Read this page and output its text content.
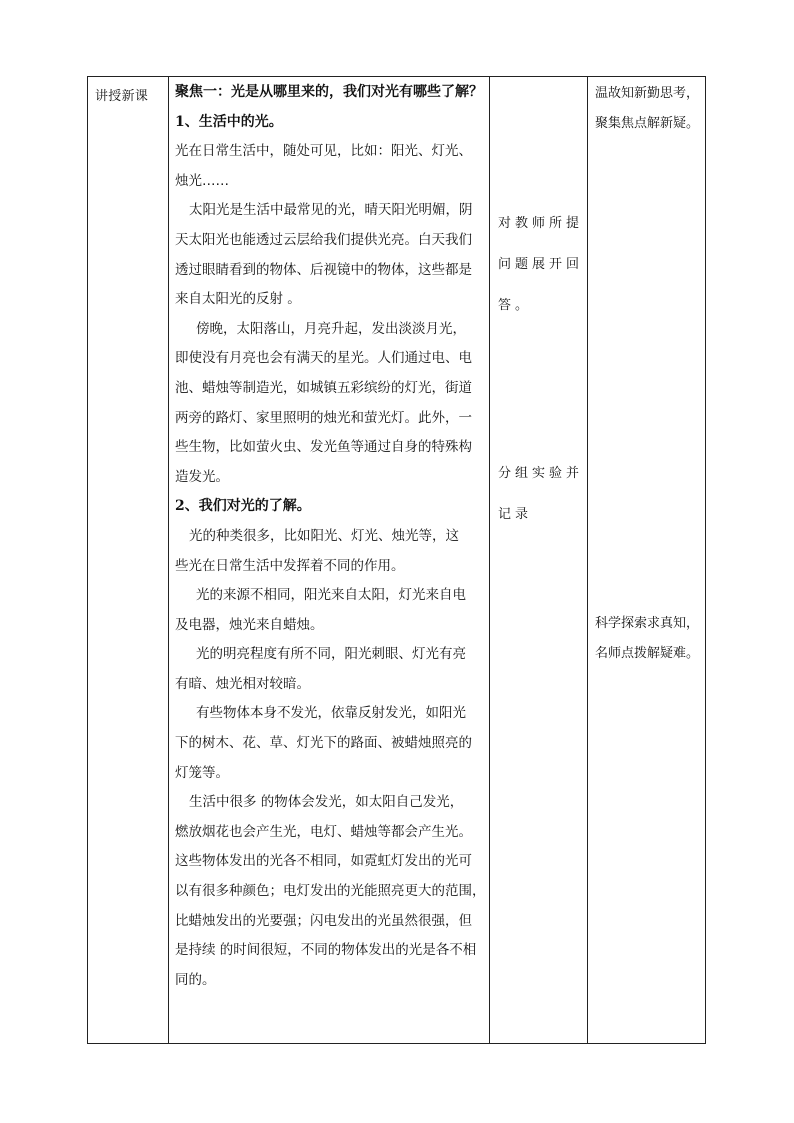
讲授新课	聚焦一：光是从哪里来的，我们对光有哪些了解？
1、生活中的光。
光在日常生活中，随处可见，比如：阳光、灯光、
烛光……
太阳光是生活中最常见的光，晴天阳光明媚，阴
天太阳光也能透过云层给我们提供光亮。白天我们
透过眼睛看到的物体、后视镜中的物体，这些都是
来自太阳光的反射 。
傍晚，太阳落山，月亮升起，发出淡淡月光，
即使没有月亮也会有满天的星光。人们通过电、电
池、蜡烛等制造光，如城镇五彩缤纷的灯光，街道
两旁的路灯、家里照明的烛光和萤光灯。此外，一
些生物，比如萤火虫、发光鱼等通过自身的特殊构
造发光。
2、我们对光的了解。
光的种类很多，比如阳光、灯光、烛光等，这
些光在日常生活中发挥着不同的作用。
光的来源不相同，阳光来自太阳，灯光来自电
及电器，烛光来自蜡烛。
光的明亮程度有所不同，阳光刺眼、灯光有亮
有暗、烛光相对较暗。
有些物体本身不发光，依靠反射发光，如阳光
下的树木、花、草、灯光下的路面、被蜡烛照亮的
灯笼等。
生活中很多 的物体会发光，如太阳自己发光，
燃放烟花也会产生光，电灯、蜡烛等都会产生光。
这些物体发出的光各不相同，如霓虹灯发出的光可
以有很多种颜色；电灯发出的光能照亮更大的范围，
比蜡烛发出的光要强；闪电发出的光虽然很强，但
是持续 的时间很短，不同的物体发出的光是各不相
同的。
对教师所提
问题展开回
答。
分组实验并
记录
温故知新勤思考，
聚集焦点解新疑。
科学探索求真知，
名师点拨解疑难。
